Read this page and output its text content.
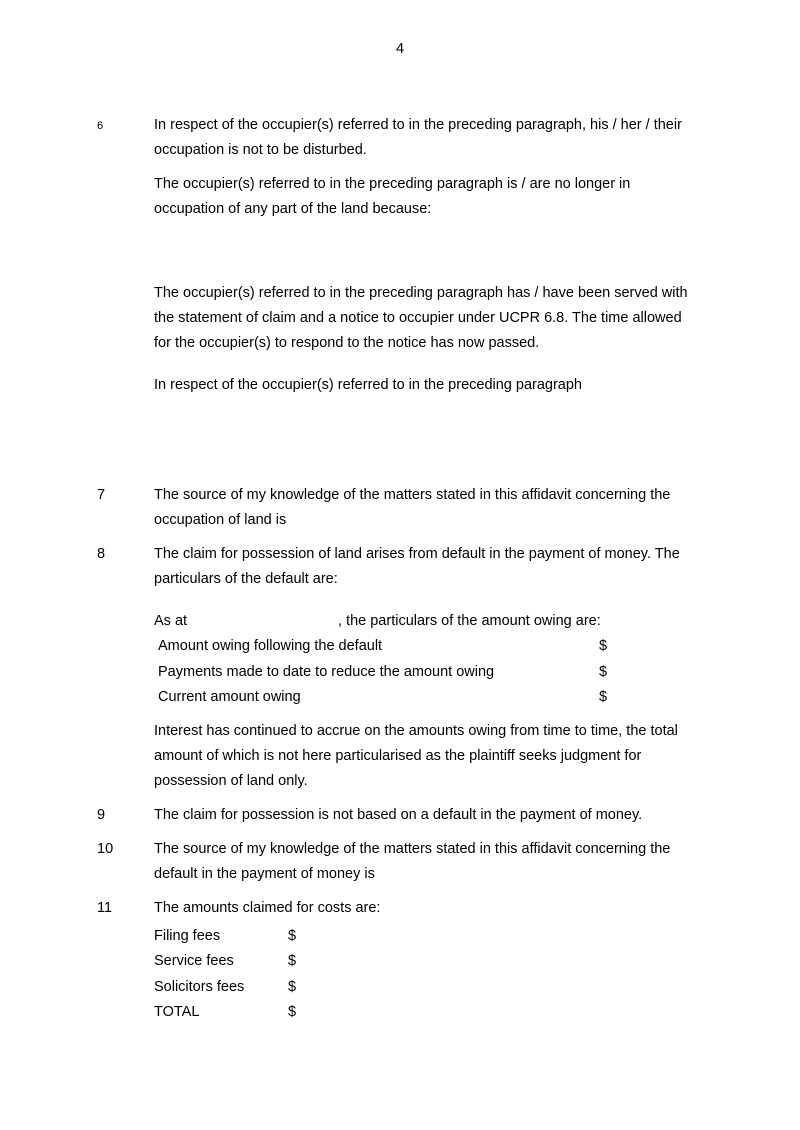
4
6	In respect of the occupier(s) referred to in the preceding paragraph, his / her / their
occupation is not to be disturbed.
The occupier(s) referred to in the preceding paragraph is / are no longer in
occupation of any part of the land because:
The occupier(s) referred to in the preceding paragraph has / have been served with
the statement of claim and a notice to occupier under UCPR 6.8. The time allowed
for the occupier(s) to respond to the notice has now passed.
In respect of the occupier(s) referred to in the preceding paragraph
7	The source of my knowledge of the matters stated in this affidavit concerning the
occupation of land is
8	The claim for possession of land arises from default in the payment of money. The
particulars of the default are:
As at	, the particulars of the amount owing are:
Amount owing following the default	$
Payments made to date to reduce the amount owing	$
Current amount owing	$
Interest has continued to accrue on the amounts owing from time to time, the total
amount of which is not here particularised as the plaintiff seeks judgment for
possession of land only.
9	The claim for possession is not based on a default in the payment of money.
10	The source of my knowledge of the matters stated in this affidavit concerning the
default in the payment of money is
11	The amounts claimed for costs are:
Filing fees	$
Service fees	$
Solicitors fees	$
TOTAL	$
